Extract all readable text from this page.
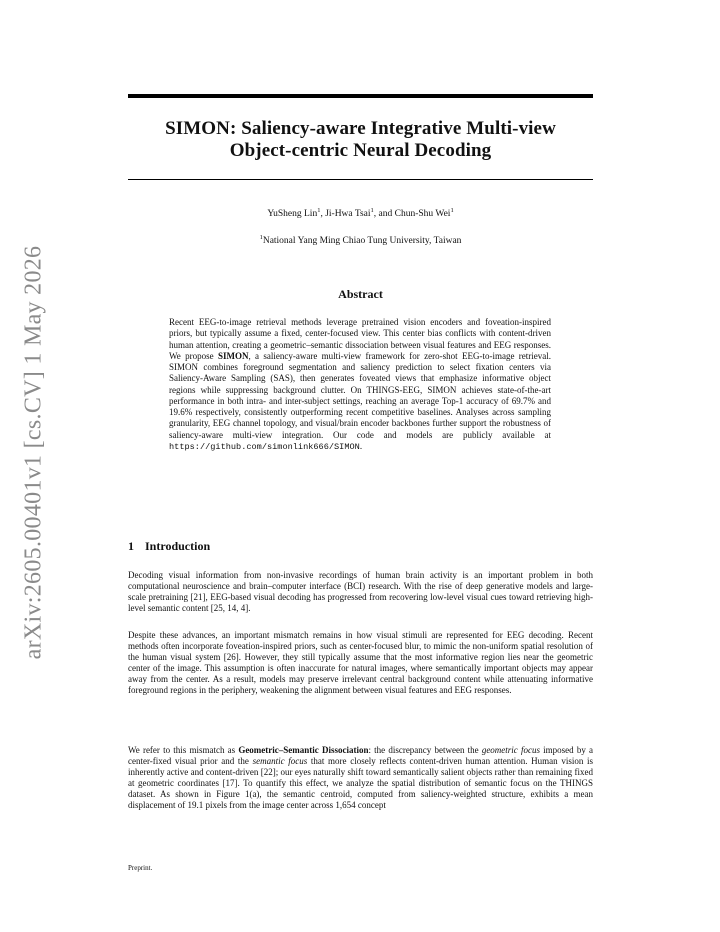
arXiv:2605.00401v1 [cs.CV] 1 May 2026
SIMON: Saliency-aware Integrative Multi-view
Object-centric Neural Decoding
YuSheng Lin$^1$, Ji-Hwa Tsai$^1$, and Chun-Shu Wei$^1$
$^1$National Yang Ming Chiao Tung University, Taiwan
Abstract
Recent EEG-to-image retrieval methods leverage pretrained vision encoders and foveation-inspired priors, but typically assume a fixed, center-focused view. This center bias conflicts with content-driven human attention, creating a geometric–semantic dissociation between visual features and EEG responses. We propose SIMON, a saliency-aware multi-view framework for zero-shot EEG-to-image retrieval. SIMON combines foreground segmentation and saliency prediction to select fixation centers via Saliency-Aware Sampling (SAS), then generates foveated views that emphasize informative object regions while suppressing background clutter. On THINGS-EEG, SIMON achieves state-of-the-art performance in both intra- and inter-subject settings, reaching an average Top-1 accuracy of 69.7% and 19.6% respectively, consistently outperforming recent competitive baselines. Analyses across sampling granularity, EEG channel topology, and visual/brain encoder backbones further support the robustness of saliency-aware multi-view integration. Our code and models are publicly available at https://github.com/simonlink666/SIMON.
1 Introduction
Decoding visual information from non-invasive recordings of human brain activity is an important problem in both computational neuroscience and brain–computer interface (BCI) research. With the rise of deep generative models and large-scale pretraining [21], EEG-based visual decoding has progressed from recovering low-level visual cues toward retrieving high-level semantic content [25, 14, 4].
Despite these advances, an important mismatch remains in how visual stimuli are represented for EEG decoding. Recent methods often incorporate foveation-inspired priors, such as center-focused blur, to mimic the non-uniform spatial resolution of the human visual system [26]. However, they still typically assume that the most informative region lies near the geometric center of the image. This assumption is often inaccurate for natural images, where semantically important objects may appear away from the center. As a result, models may preserve irrelevant central background content while attenuating informative foreground regions in the periphery, weakening the alignment between visual features and EEG responses.
We refer to this mismatch as Geometric–Semantic Dissociation: the discrepancy between the geometric focus imposed by a center-fixed visual prior and the semantic focus that more closely reflects content-driven human attention. Human vision is inherently active and content-driven [22]; our eyes naturally shift toward semantically salient objects rather than remaining fixed at geometric coordinates [17]. To quantify this effect, we analyze the spatial distribution of semantic focus on the THINGS dataset. As shown in Figure 1(a), the semantic centroid, computed from saliency-weighted structure, exhibits a mean displacement of 19.1 pixels from the image center across 1,654 concept
Preprint.
